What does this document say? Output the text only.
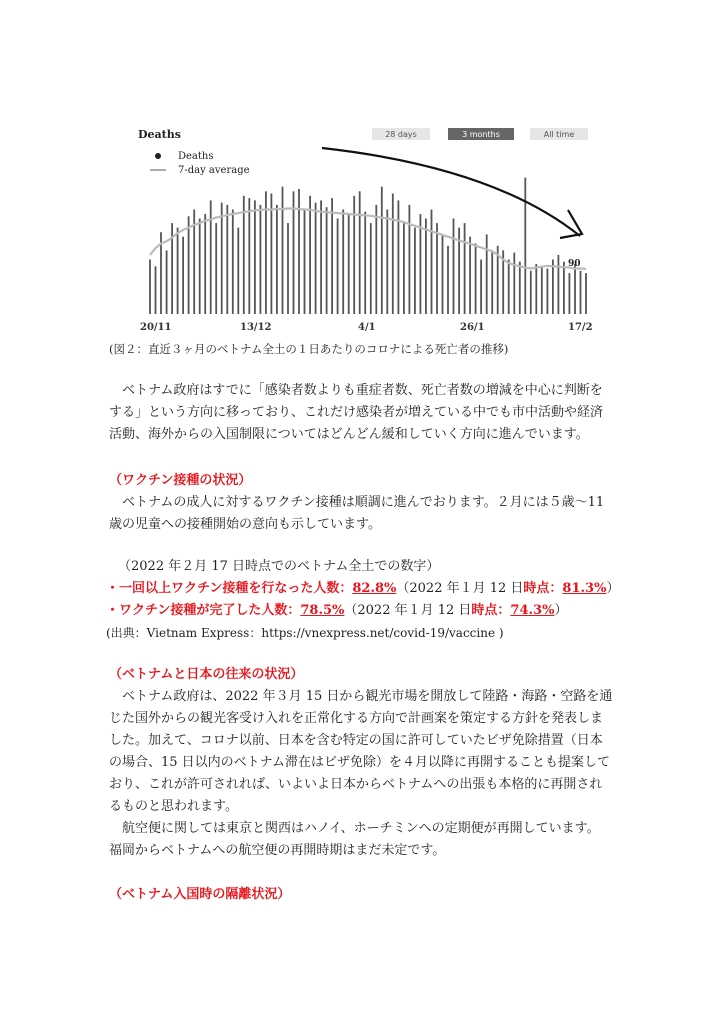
Deaths	28 days	3 months	All time
Deaths
7-day average
90
20/11	13/12	4/1	26/1	17/2
(図２：直近３ヶ月のベトナム全土の１日あたりのコロナによる死亡者の推移)
ベトナム政府はすでに「感染者数よりも重症者数、死亡者数の増減を中心に判断を
する」という方向に移っており、これだけ感染者が増えている中でも市中活動や経済
活動、海外からの入国制限についてはどんどん緩和していく方向に進んでいます。
（ワクチン接種の状況）
ベトナムの成人に対するワクチン接種は順調に進んでおります。２月には５歳～11
歳の児童への接種開始の意向も示しています。
（2022 年２月 17 日時点でのベトナム全土での数字）
・一回以上ワクチン接種を行なった人数：82.8%（2022 年１月 12 日時点：81.3%）
・ワクチン接種が完了した人数：78.5%（2022 年１月 12 日時点：74.3%）
(出典：Vietnam Express：https://vnexpress.net/covid-19/vaccine )
（ベトナムと日本の往来の状況）
ベトナム政府は、2022 年３月 15 日から観光市場を開放して陸路・海路・空路を通
じた国外からの観光客受け入れを正常化する方向で計画案を策定する方針を発表しま
した。加えて、コロナ以前、日本を含む特定の国に許可していたビザ免除措置（日本
の場合、15 日以内のベトナム滞在はビザ免除）を４月以降に再開することも提案して
おり、これが許可されれば、いよいよ日本からベトナムへの出張も本格的に再開され
るものと思われます。
航空便に関しては東京と関西はハノイ、ホーチミンへの定期便が再開しています。
福岡からベトナムへの航空便の再開時期はまだ未定です。
（ベトナム入国時の隔離状況）
